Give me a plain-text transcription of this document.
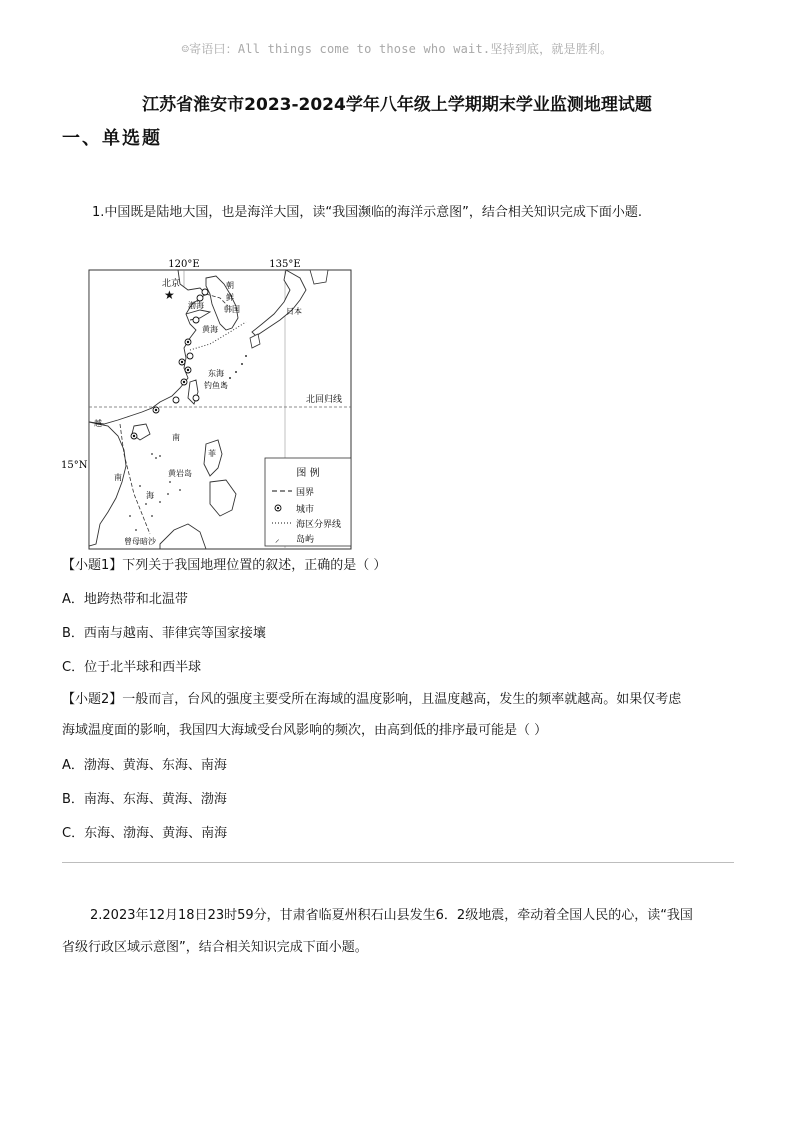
☺寄语曰：All things come to those who wait.坚持到底，就是胜利。
江苏省淮安市2023-2024学年八年级上学期期末学业监测地理试题
一、单选题
1.中国既是陆地大国，也是海洋大国，读“我国濒临的海洋示意图”，结合相关知识完成下面小题.
120°E	135°E
15°N
北回归线
★
北京
渤海
朝
鲜
韩国	日本
黄海
东海
钓鱼岛
越
南
菲
黄岩岛
南
海
曾母暗沙
图 例
国界
城市
海区分界线
⸝ 岛屿
【小题1】下列关于我国地理位置的叙述，正确的是（ ）
A．地跨热带和北温带
B．西南与越南、菲律宾等国家接壤
C．位于北半球和西半球
【小题2】一般而言，台风的强度主要受所在海域的温度影响，且温度越高，发生的频率就越高。如果仅考虑
海域温度面的影响，我国四大海域受台风影响的频次，由高到低的排序最可能是（ ）
A．渤海、黄海、东海、南海
B．南海、东海、黄海、渤海
C．东海、渤海、黄海、南海
2.2023年12月18日23时59分，甘肃省临夏州积石山县发生6．2级地震，牵动着全国人民的心，读“我国
省级行政区域示意图”，结合相关知识完成下面小题。
